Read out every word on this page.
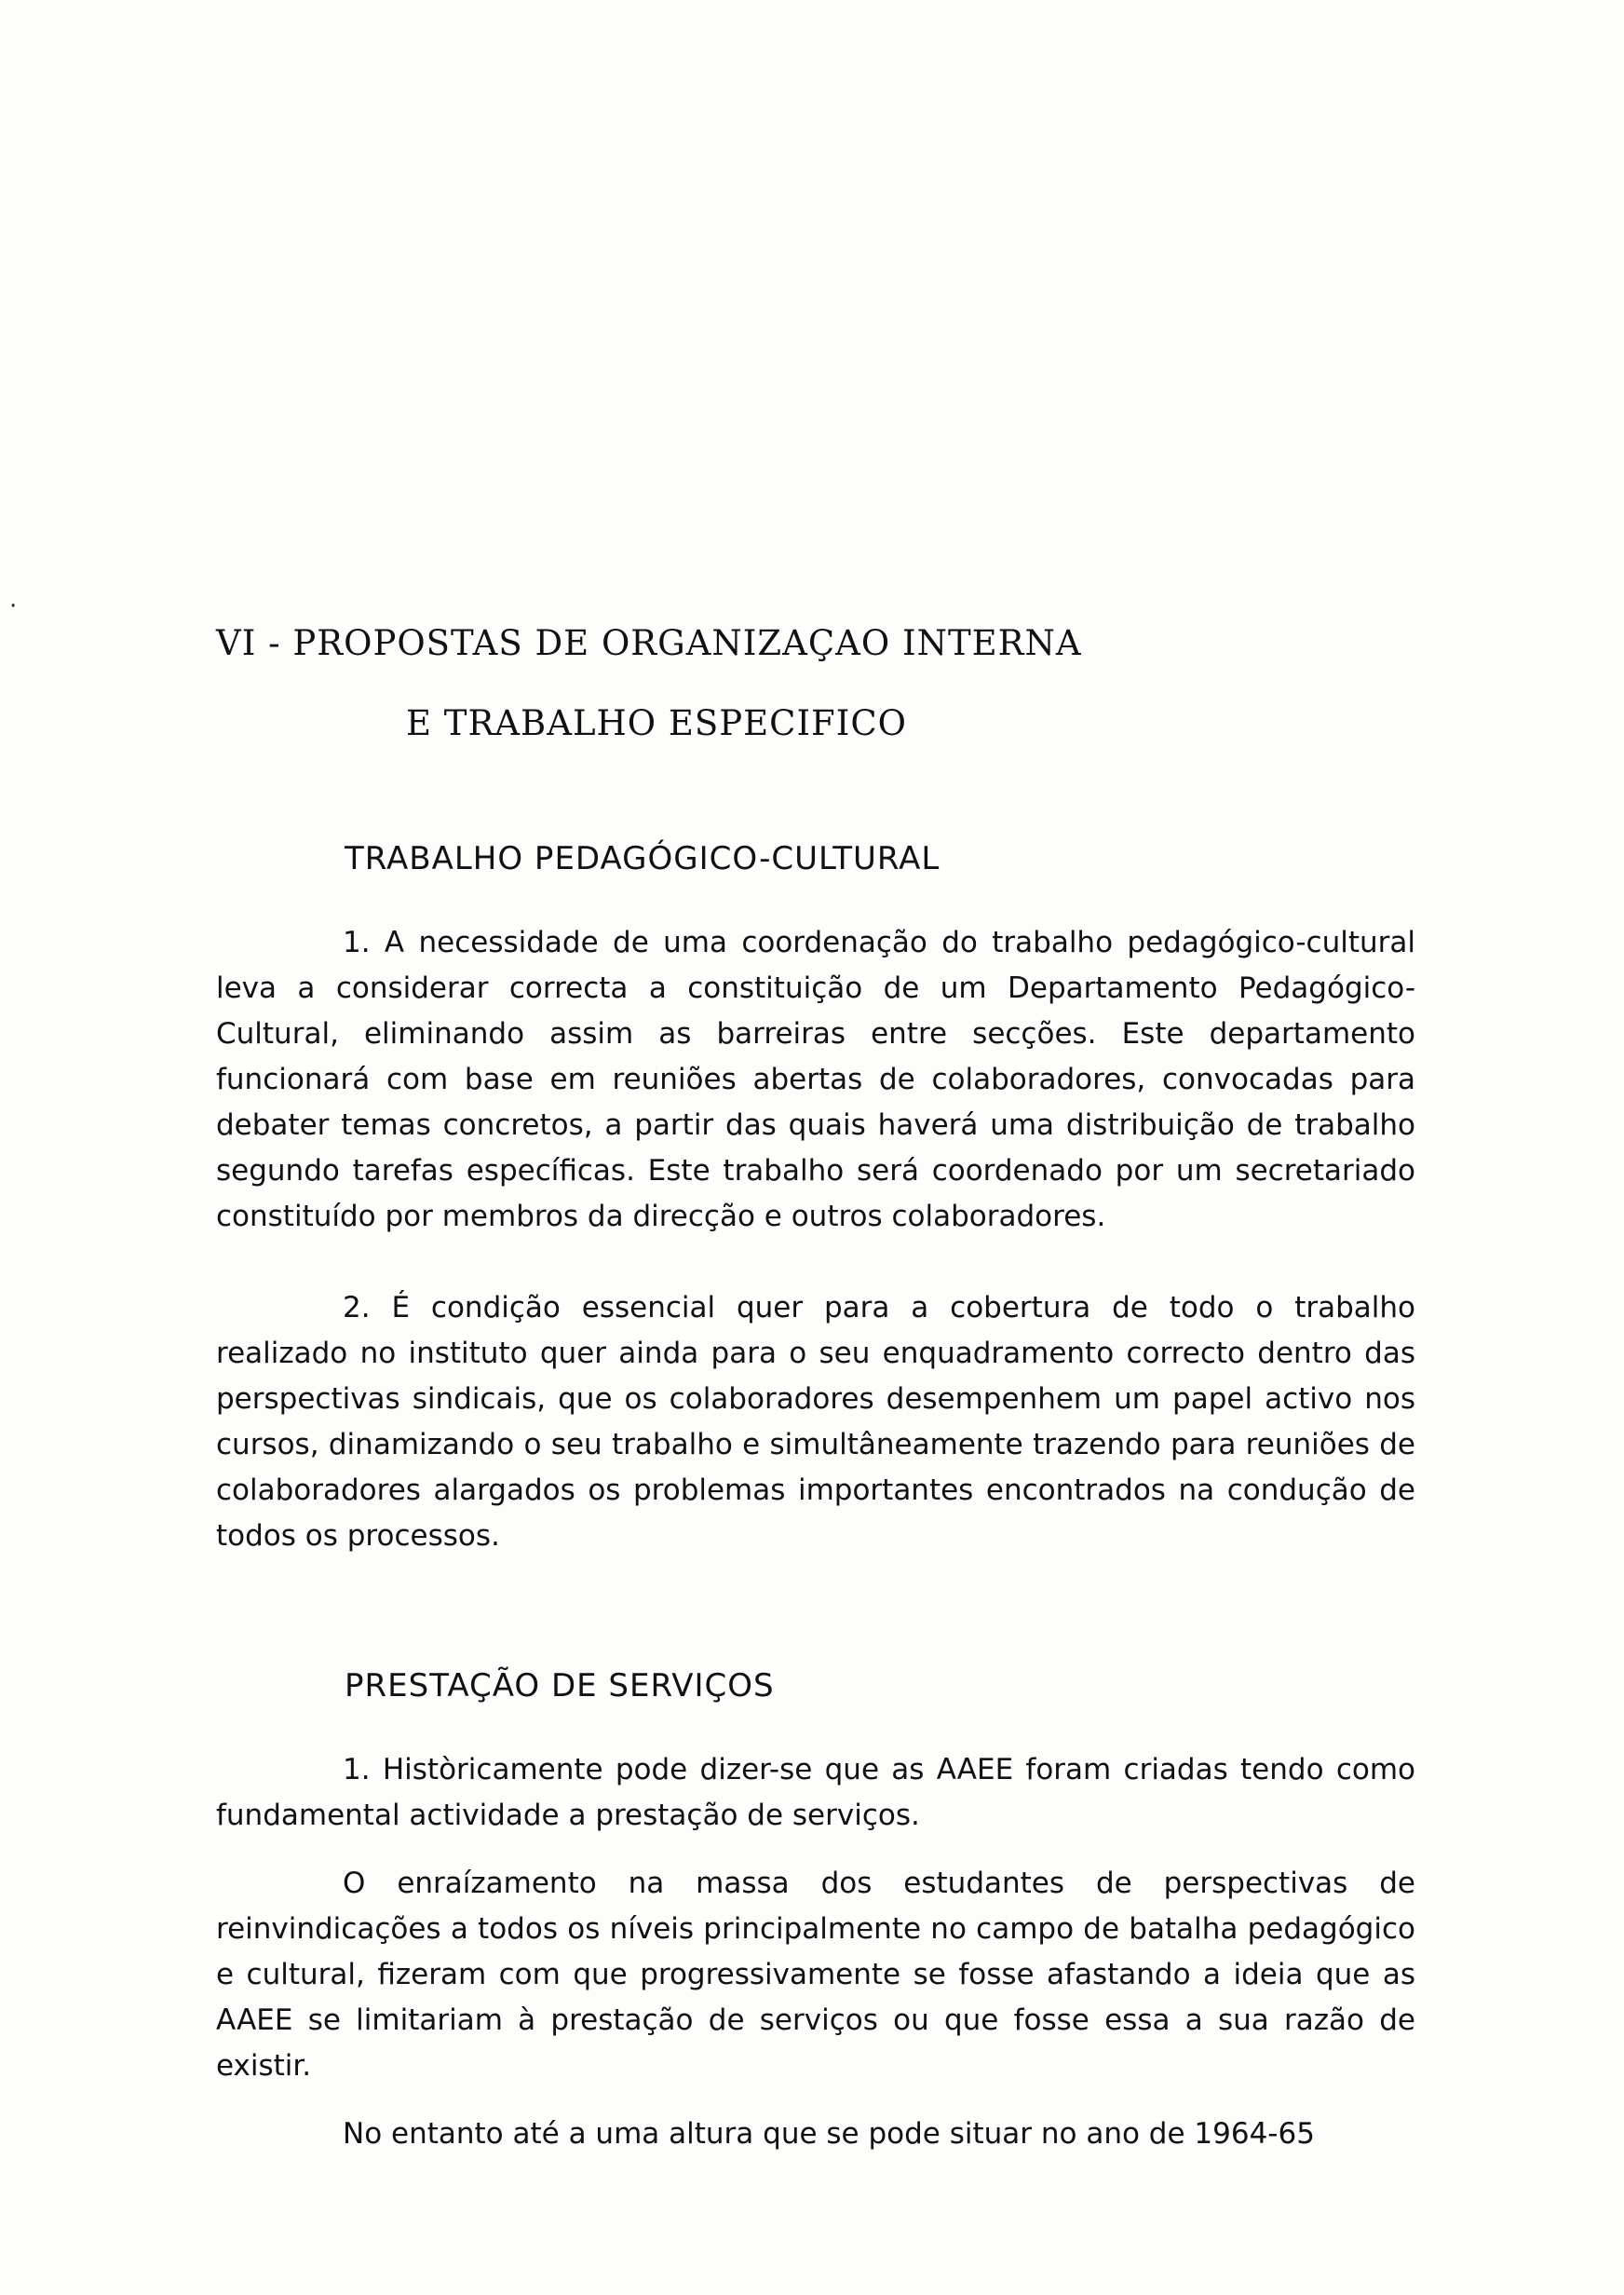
·
VI - PROPOSTAS DE ORGANIZAÇAO INTERNA
E TRABALHO ESPECIFICO
TRABALHO PEDAGÓGICO-CULTURAL

1. A necessidade de uma coordenação do trabalho pedagógico-cultural leva a considerar correcta a constituição de um Departamento Pedagógico-Cultural, eliminando assim as barreiras entre secções. Este departamento funcionará com base em reuniões abertas de colaboradores, convocadas para debater temas concretos, a partir das quais haverá uma distribuição de trabalho segundo tarefas específicas. Este trabalho será coordenado por um secretariado constituído por membros da direcção e outros colaboradores.

2. É condição essencial quer para a cobertura de todo o trabalho realizado no instituto quer ainda para o seu enquadramento correcto dentro das perspectivas sindicais, que os colaboradores desempenhem um papel activo nos cursos, dinamizando o seu trabalho e simultâneamente trazendo para reuniões de colaboradores alargados os problemas importantes encontrados na condução de todos os processos.

PRESTAÇÃO DE SERVIÇOS

1. Històricamente pode dizer-se que as AAEE foram criadas tendo como fundamental actividade a prestação de serviços.

O enraízamento na massa dos estudantes de perspectivas de reinvindicações a todos os níveis principalmente no campo de batalha pedagógico e cultural, fizeram com que progressivamente se fosse afastando a ideia que as AAEE se limitariam à prestação de serviços ou que fosse essa a sua razão de existir.

No entanto até a uma altura que se pode situar no ano de 1964-65
